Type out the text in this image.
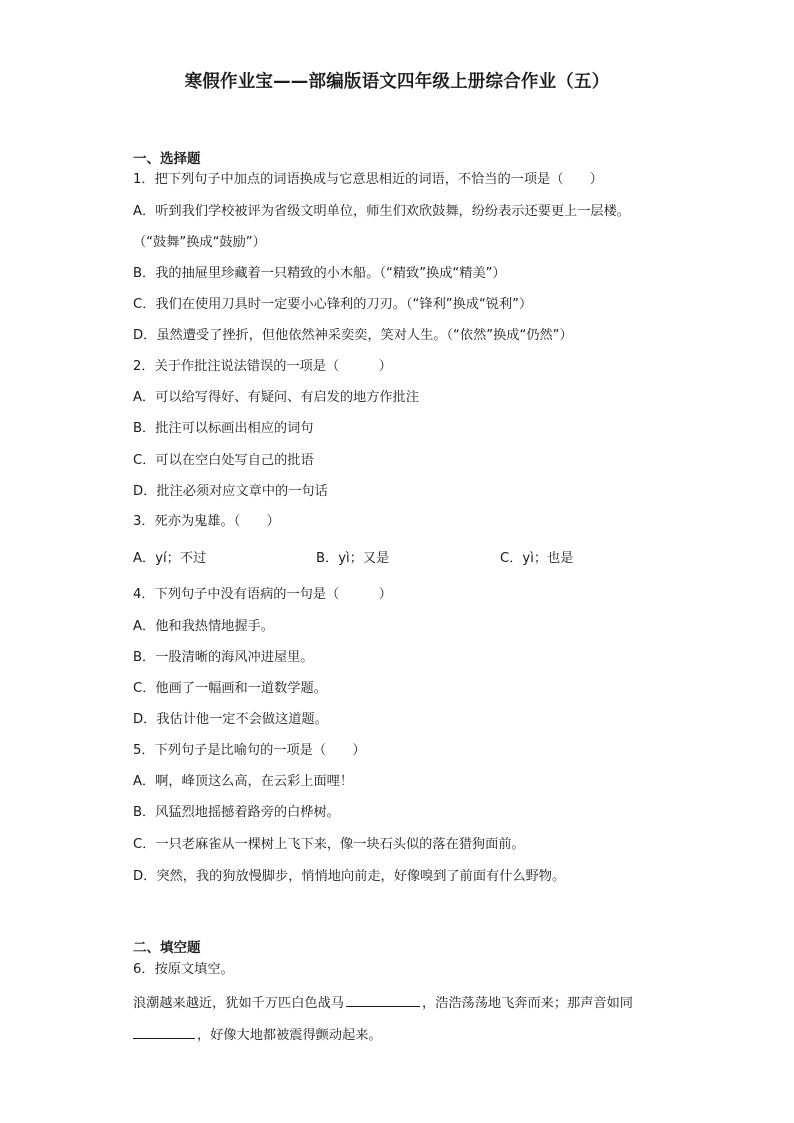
寒假作业宝——部编版语文四年级上册综合作业（五）
一、选择题
1．把下列句子中加点的词语换成与它意思相近的词语，不恰当的一项是（　　）
A．听到我们学校被评为省级文明单位，师生们欢欣鼓舞，纷纷表示还要更上一层楼。
（“鼓舞”换成“鼓励”）
B．我的抽屉里珍藏着一只精致的小木船。（“精致”换成“精美”）
C．我们在使用刀具时一定要小心锋利的刀刃。（“锋利”换成“锐利”）
D．虽然遭受了挫折，但他依然神采奕奕，笑对人生。（“依然”换成“仍然”）
2．关于作批注说法错误的一项是（　　　）
A．可以给写得好、有疑问、有启发的地方作批注
B．批注可以标画出相应的词句
C．可以在空白处写自己的批语
D．批注必须对应文章中的一句话
3．死亦为鬼雄。（　　）
A．yí；不过	B．yì；又是	C．yì；也是
4．下列句子中没有语病的一句是（　　　）
A．他和我热情地握手。
B．一股清晰的海风冲进屋里。
C．他画了一幅画和一道数学题。
D．我估计他一定不会做这道题。
5．下列句子是比喻句的一项是（　　）
A．啊，峰顶这么高，在云彩上面哩！
B．风猛烈地摇撼着路旁的白桦树。
C．一只老麻雀从一棵树上飞下来，像一块石头似的落在猎狗面前。
D．突然，我的狗放慢脚步，悄悄地向前走，好像嗅到了前面有什么野物。
二、填空题
6．按原文填空。
浪潮越来越近，犹如千万匹白色战马	，浩浩荡荡地飞奔而来；那声音如同
，好像大地都被震得颤动起来。
